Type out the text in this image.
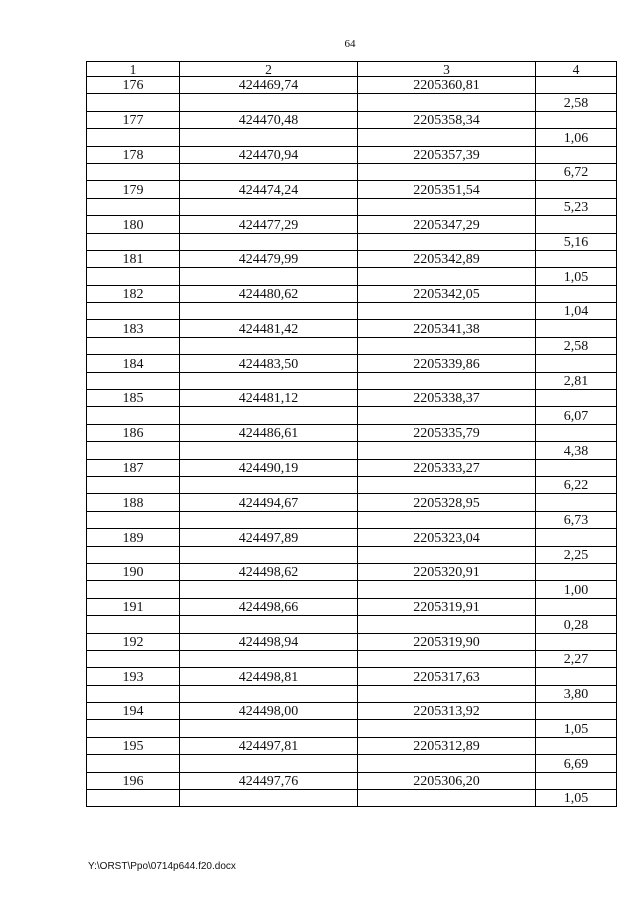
64
1	2	3	4
176	424469,74	2205360,81	
			2,58
177	424470,48	2205358,34	
			1,06
178	424470,94	2205357,39	
			6,72
179	424474,24	2205351,54	
			5,23
180	424477,29	2205347,29	
			5,16
181	424479,99	2205342,89	
			1,05
182	424480,62	2205342,05	
			1,04
183	424481,42	2205341,38	
			2,58
184	424483,50	2205339,86	
			2,81
185	424481,12	2205338,37	
			6,07
186	424486,61	2205335,79	
			4,38
187	424490,19	2205333,27	
			6,22
188	424494,67	2205328,95	
			6,73
189	424497,89	2205323,04	
			2,25
190	424498,62	2205320,91	
			1,00
191	424498,66	2205319,91	
			0,28
192	424498,94	2205319,90	
			2,27
193	424498,81	2205317,63	
			3,80
194	424498,00	2205313,92	
			1,05
195	424497,81	2205312,89	
			6,69
196	424497,76	2205306,20	
			1,05
Y:\ORST\Ppo\0714p644.f20.docx
